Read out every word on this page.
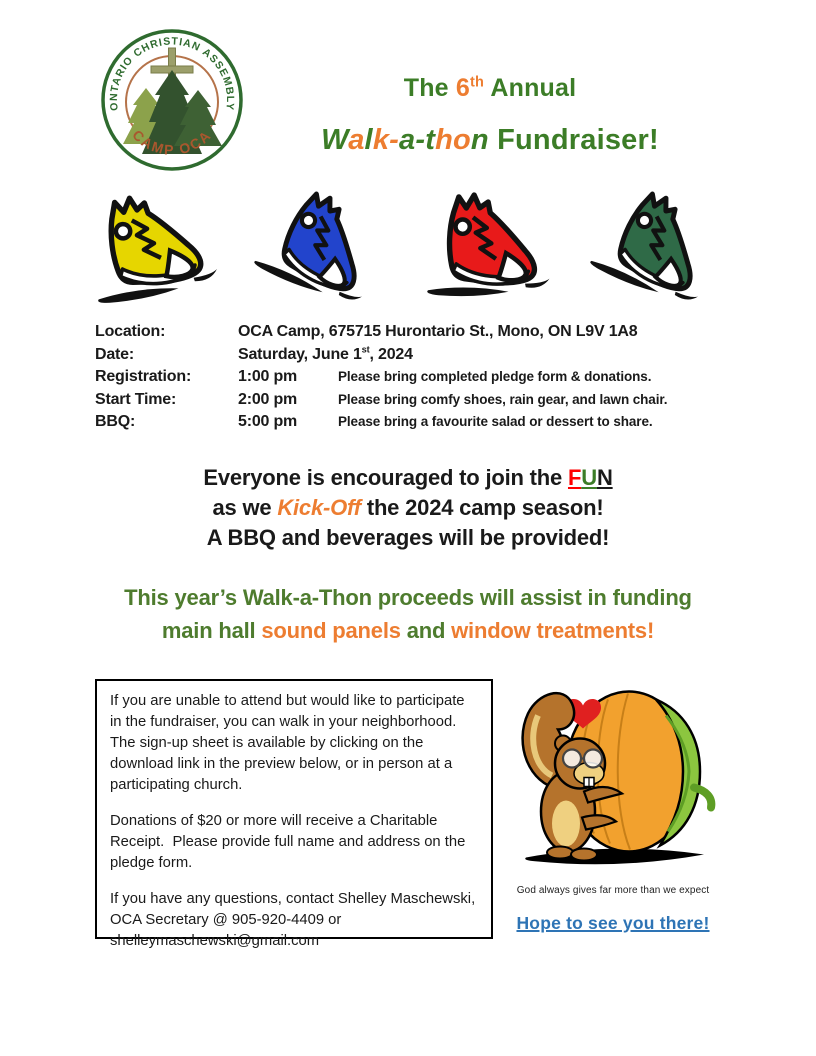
ONTARIO CHRISTIAN ASSEMBLY
CAMP OCA
The 6th Annual
Walk-a-thon Fundraiser!
Location:	OCA Camp, 675715 Hurontario St., Mono, ON L9V 1A8
Date:	Saturday, June 1st, 2024
Registration:	1:00 pm	Please bring completed pledge form & donations.
Start Time:	2:00 pm	Please bring comfy shoes, rain gear, and lawn chair.
BBQ:	5:00 pm	Please bring a favourite salad or dessert to share.
Everyone is encouraged to join the FUN
as we Kick-Off the 2024 camp season!
A BBQ and beverages will be provided!
This year’s Walk-a-Thon proceeds will assist in funding
main hall sound panels and window treatments!

If you are unable to attend but would like to participate in the fundraiser, you can walk in your neighborhood.  The sign-up sheet is available by clicking on the download link in the preview below, or in person at a participating church.

Donations of $20 or more will receive a Charitable Receipt.  Please provide full name and address on the pledge form.

If you have any questions, contact Shelley Maschewski, OCA Secretary @ 905-920-4409 or shelleymaschewski@gmail.com

God always gives far more than we expect
Hope to see you there!
